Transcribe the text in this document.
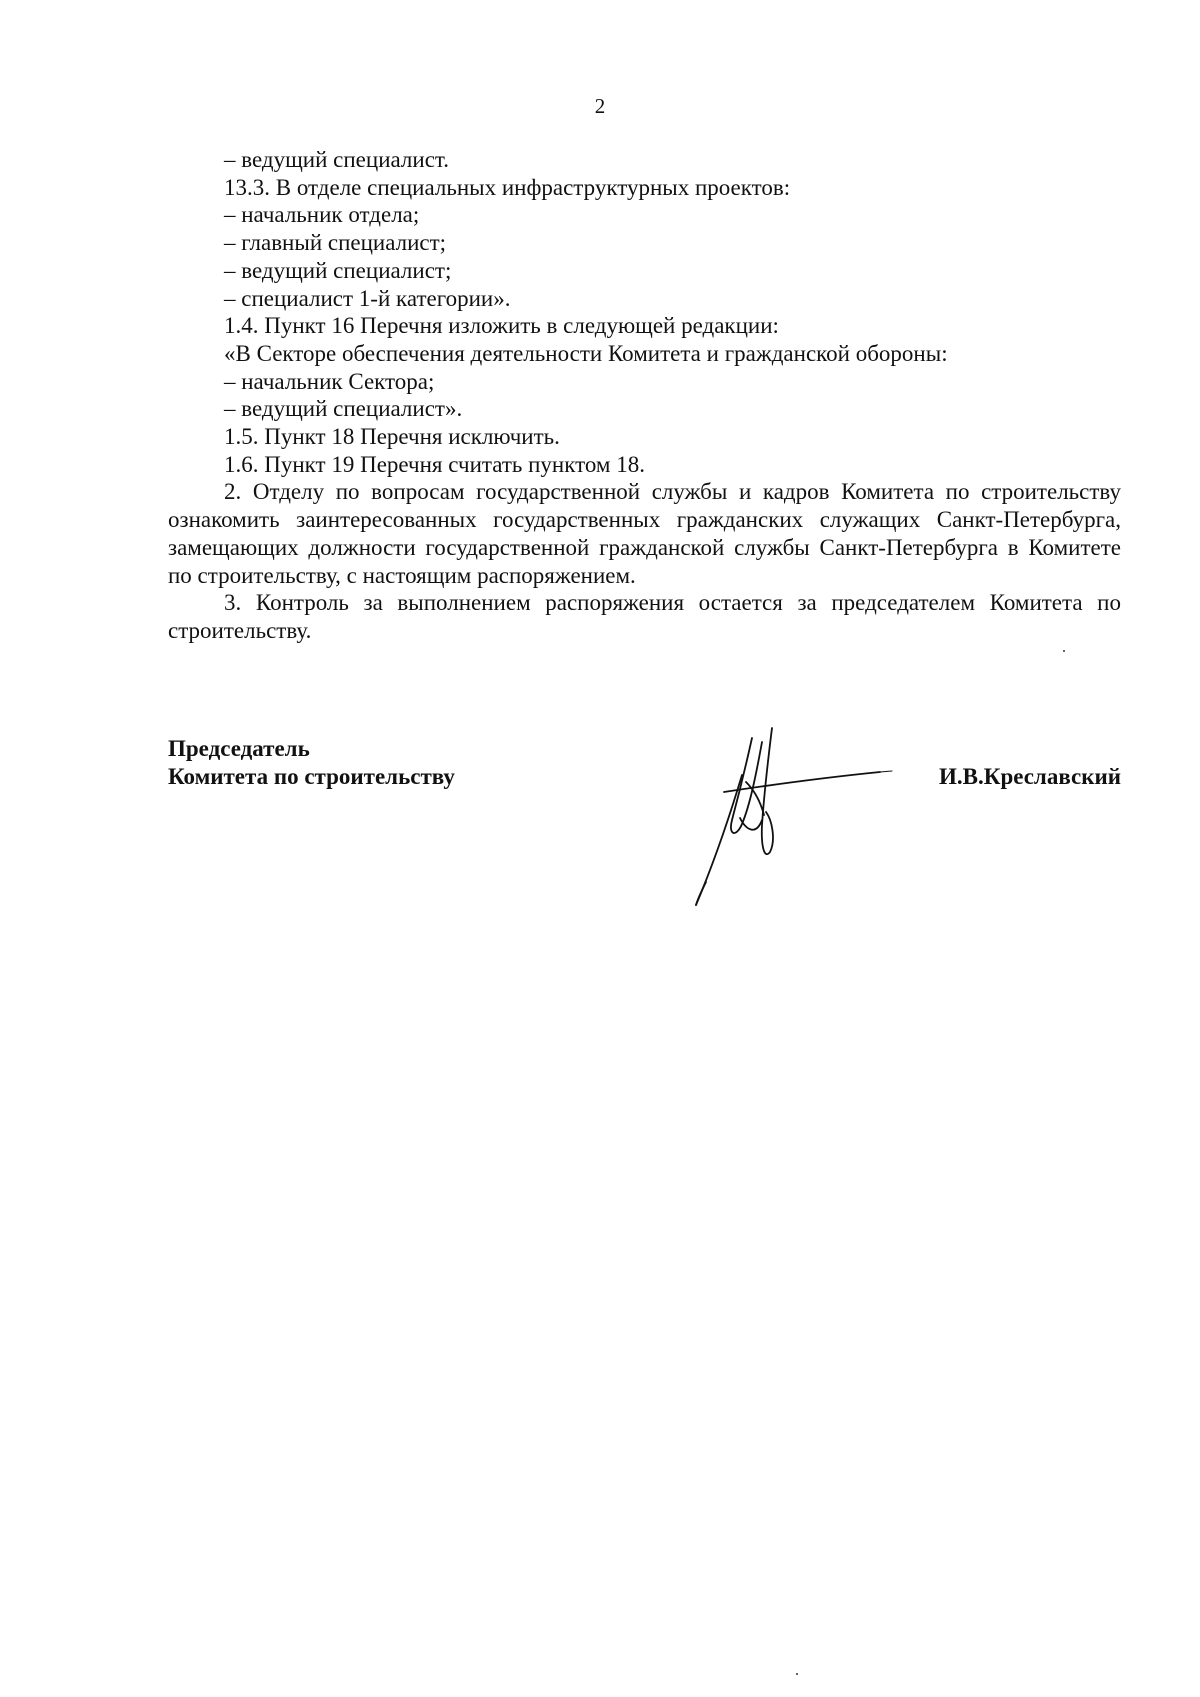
2
– ведущий специалист.
13.3. В отделе специальных инфраструктурных проектов:
– начальник отдела;
– главный специалист;
– ведущий специалист;
– специалист 1-й категории».
1.4. Пункт 16 Перечня изложить в следующей редакции:
«В Секторе обеспечения деятельности Комитета и гражданской обороны:
– начальник Сектора;
– ведущий специалист».
1.5. Пункт 18 Перечня исключить.
1.6. Пункт 19 Перечня считать пунктом 18.
2. Отделу по вопросам государственной службы и кадров Комитета по строительству ознакомить заинтересованных государственных гражданских служащих Санкт-Петербурга, замещающих должности государственной гражданской службы Санкт-Петербурга в Комитете по строительству, с настоящим распоряжением.
3. Контроль за выполнением распоряжения остается за председателем Комитета по строительству.
Председатель
Комитета по строительству	И.В.Креславский
